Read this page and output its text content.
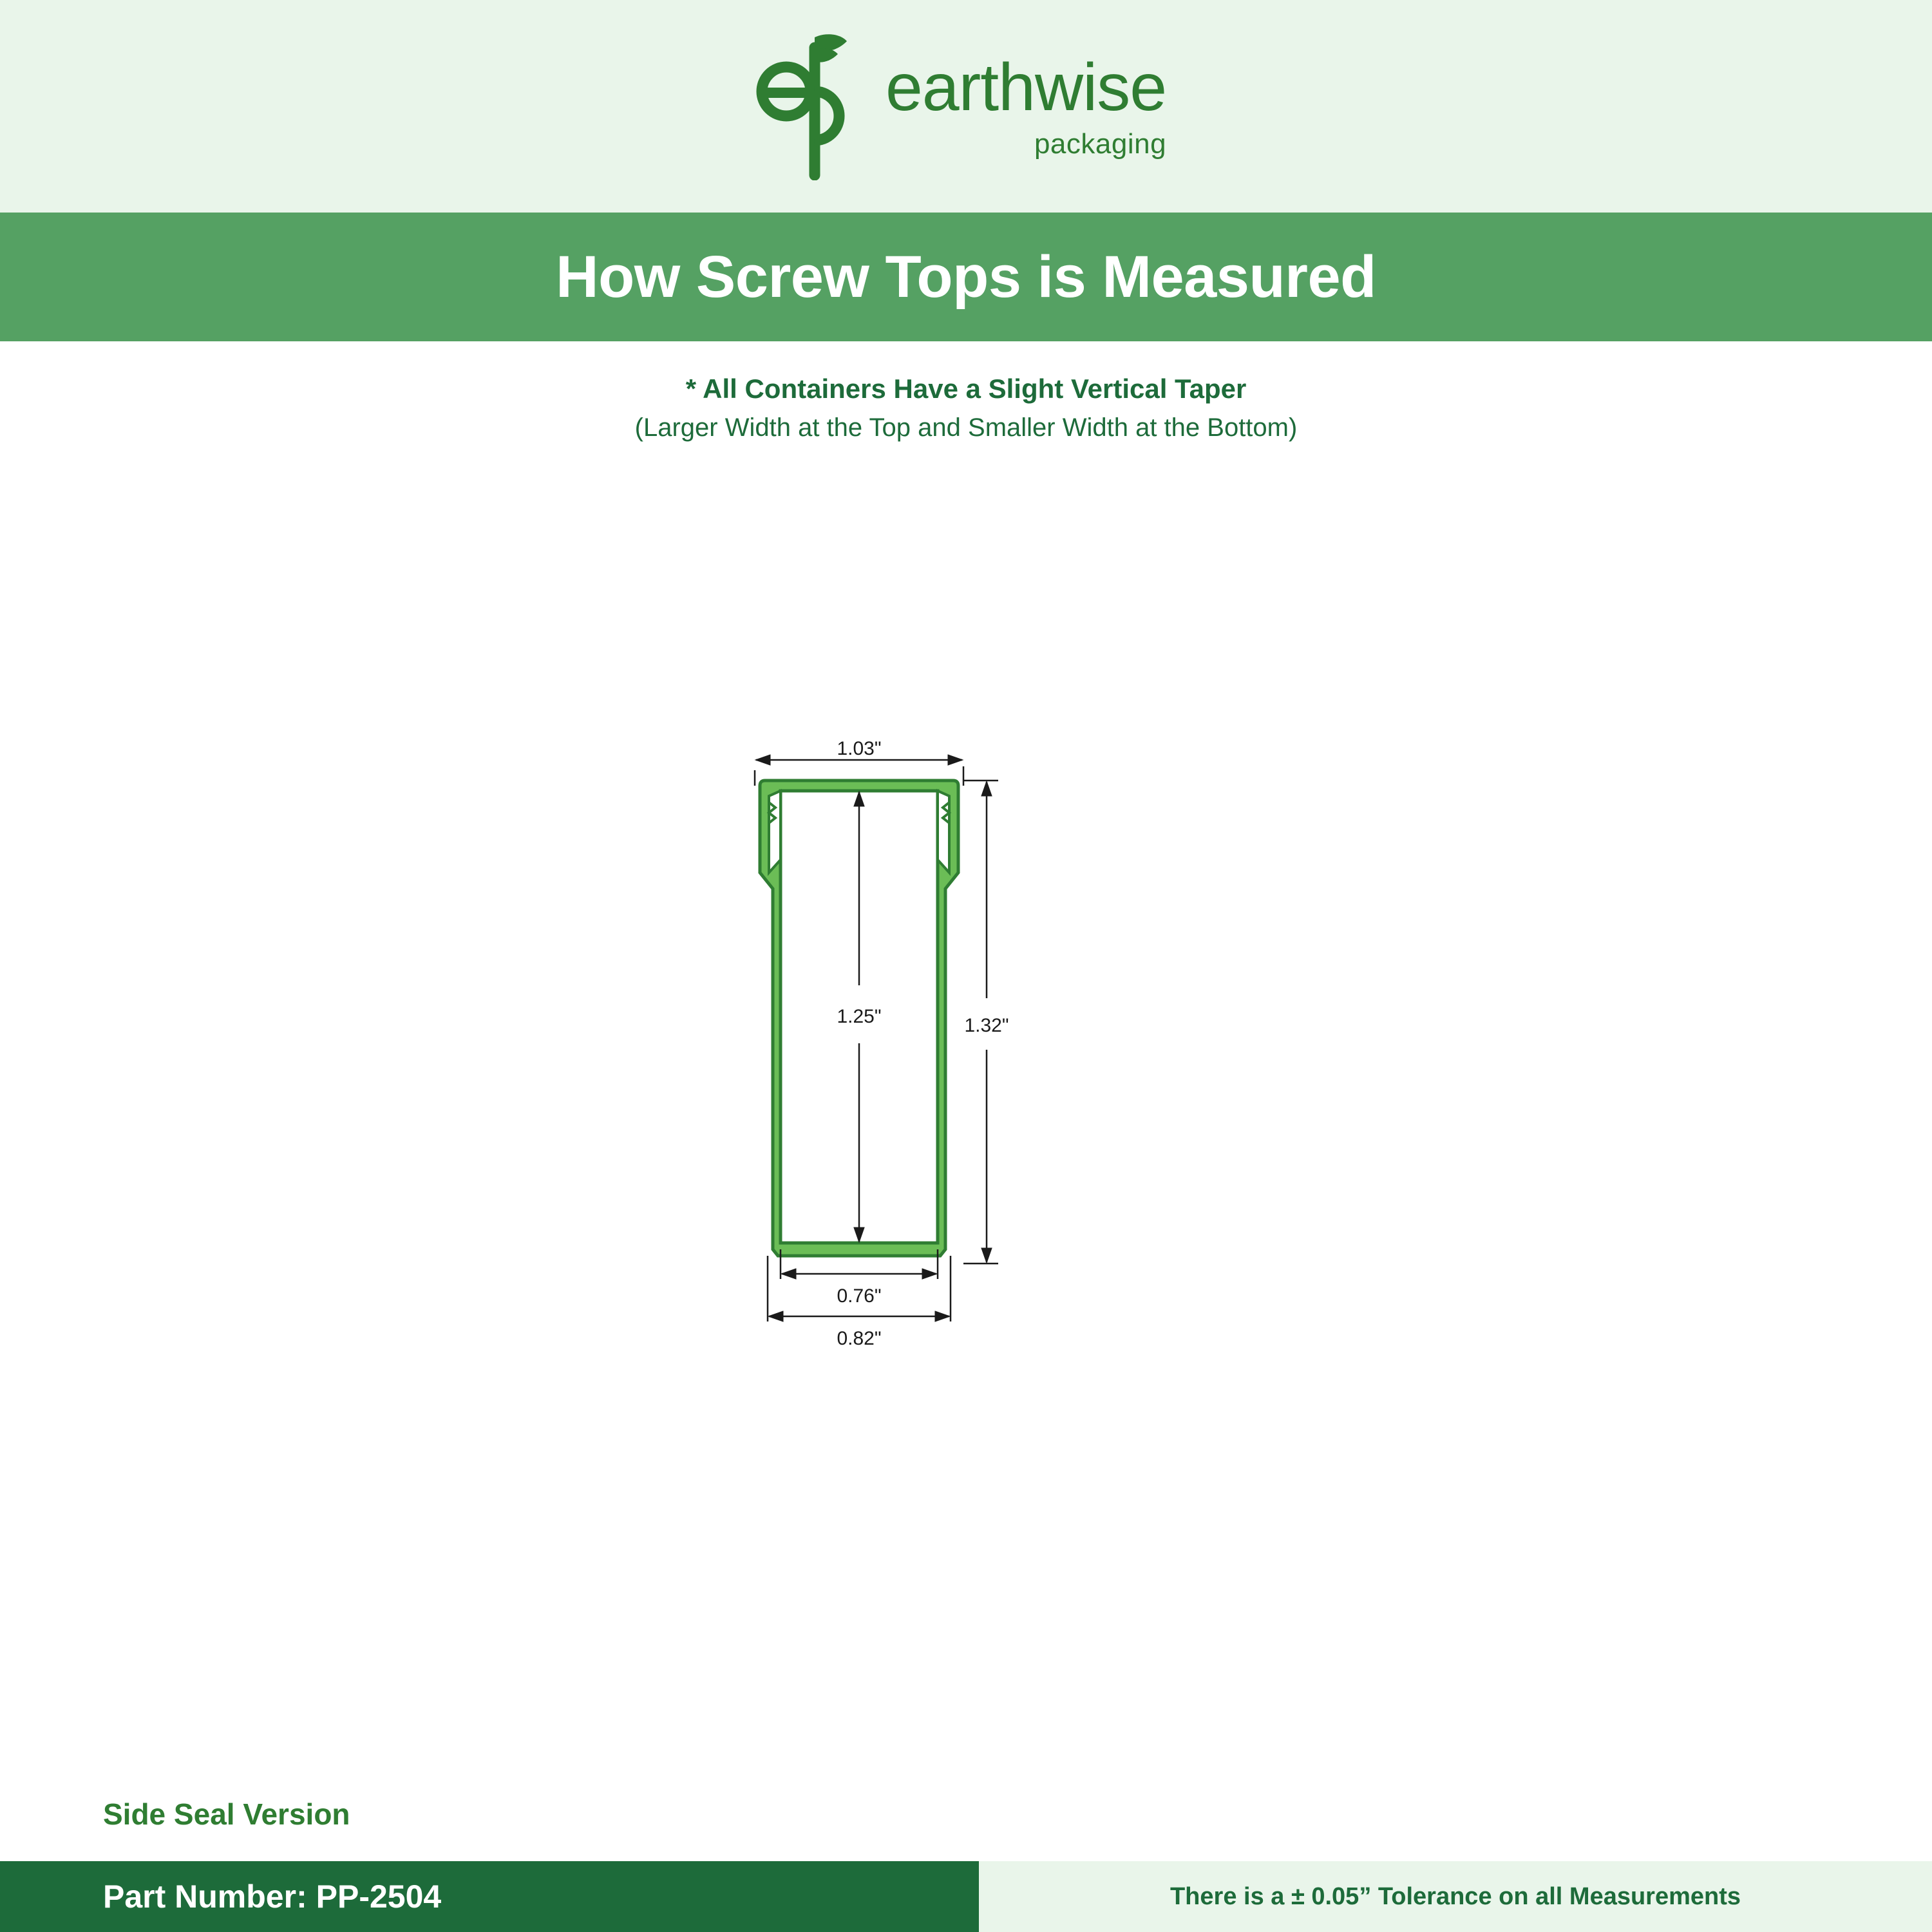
earthwise
packaging
How Screw Tops is Measured
* All Containers Have a Slight Vertical Taper
(Larger Width at the Top and Smaller Width at the Bottom)
1.03"
1.25"	1.32"
0.76"
0.82"
Side Seal Version
Part Number: PP-2504	There is a ± 0.05” Tolerance on all Measurements
